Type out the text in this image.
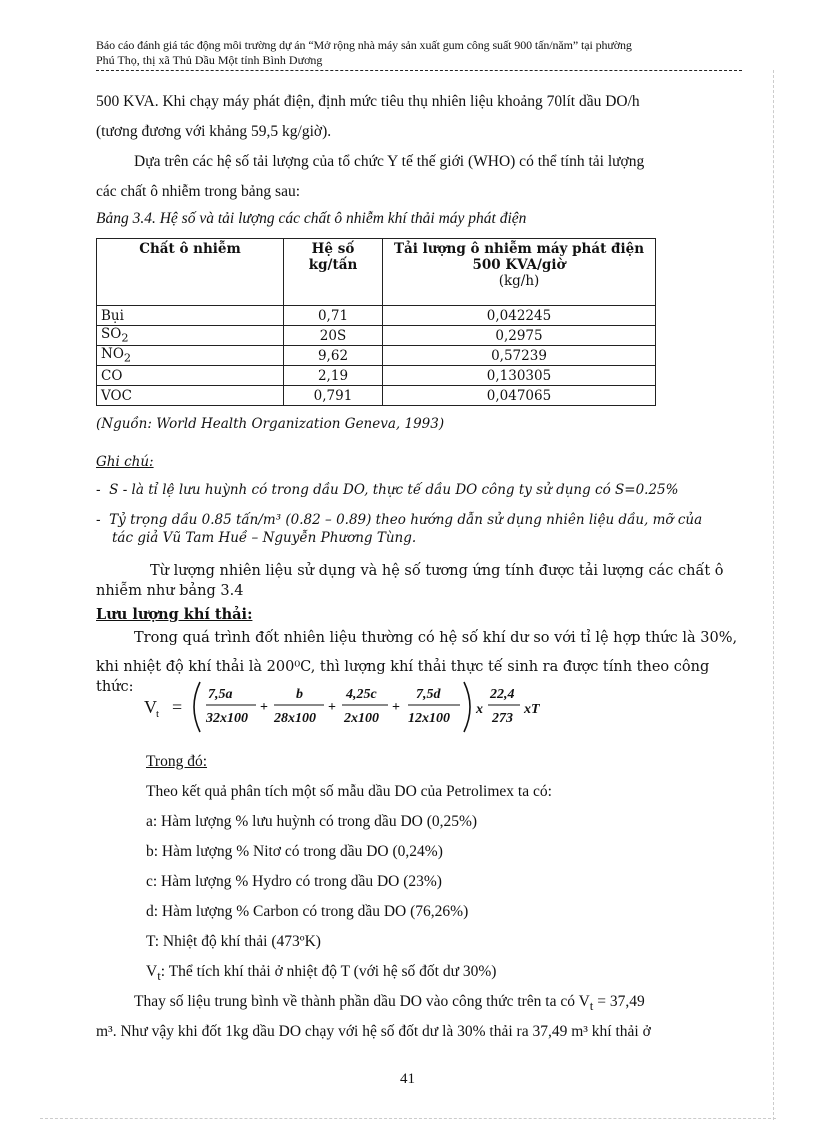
Báo cáo đánh giá tác động môi trường dự án “Mở rộng nhà máy sản xuất gum công suất 900 tấn/năm” tại phường
Phú Thọ, thị xã Thủ Dầu Một tỉnh Bình Dương
500 KVA. Khi chạy máy phát điện, định mức tiêu thụ nhiên liệu khoảng 70lít dầu DO/h
(tương đương với khảng 59,5 kg/giờ).
Dựa trên các hệ số tải lượng của tổ chức Y tế thế giới (WHO) có thể tính tải lượng
các chất ô nhiễm trong bảng sau:
Bảng 3.4. Hệ số và tải lượng các chất ô nhiễm khí thải máy phát điện
Chất ô nhiễm	Hệ số kg/tấn	Tải lượng ô nhiễm máy phát điện 500 KVA/giờ
(kg/h)

Bụi	0,71	0,042245
$SO_2$	20S	0,2975
$NO_2$	9,62	0,57239
CO	2,19	0,130305
VOC	0,791	0,047065
(Nguồn: World Health Organization Geneva, 1993)
Ghi chú:
-  S - là tỉ lệ lưu huỳnh có trong dầu DO, thực tế dầu DO công ty sử dụng có S=0.25%
-  Tỷ trọng dầu 0.85 tấn/m³ (0.82 – 0.89) theo hướng dẫn sử dụng nhiên liệu dầu, mỡ của
tác giả Vũ Tam Huề – Nguyễn Phương Tùng.
Từ lượng nhiên liệu sử dụng và hệ số tương ứng tính được tải lượng các chất ô
nhiễm như bảng 3.4
Lưu lượng khí thải:
Trong quá trình đốt nhiên liệu thường có hệ số khí dư so với tỉ lệ hợp thức là 30%,
khi nhiệt độ khí thải là 200⁰C, thì lượng khí thải thực tế sinh ra được tính theo công thức:
V t =
7,5a
32x100
+
b
28x100
+
4,25c
2x100
+
7,5d
12x100
x
22,4
273
xT
Trong đó:
Theo kết quả phân tích một số mẫu dầu DO của Petrolimex ta có:
a: Hàm lượng % lưu huỳnh có trong dầu DO (0,25%)
b: Hàm lượng % Nitơ có trong dầu DO (0,24%)
c: Hàm lượng % Hydro có trong dầu DO (23%)
d: Hàm lượng % Carbon có trong dầu DO (76,26%)
T: Nhiệt độ khí thải (473ºK)
$V_t$: Thể tích khí thải ở nhiệt độ T (với hệ số đốt dư 30%)
Thay số liệu trung bình về thành phần dầu DO vào công thức trên ta có $V_t = 37,49$
m³. Như vậy khi đốt 1kg dầu DO chạy với hệ số đốt dư là 30% thải ra 37,49 m³ khí thải ở
41
